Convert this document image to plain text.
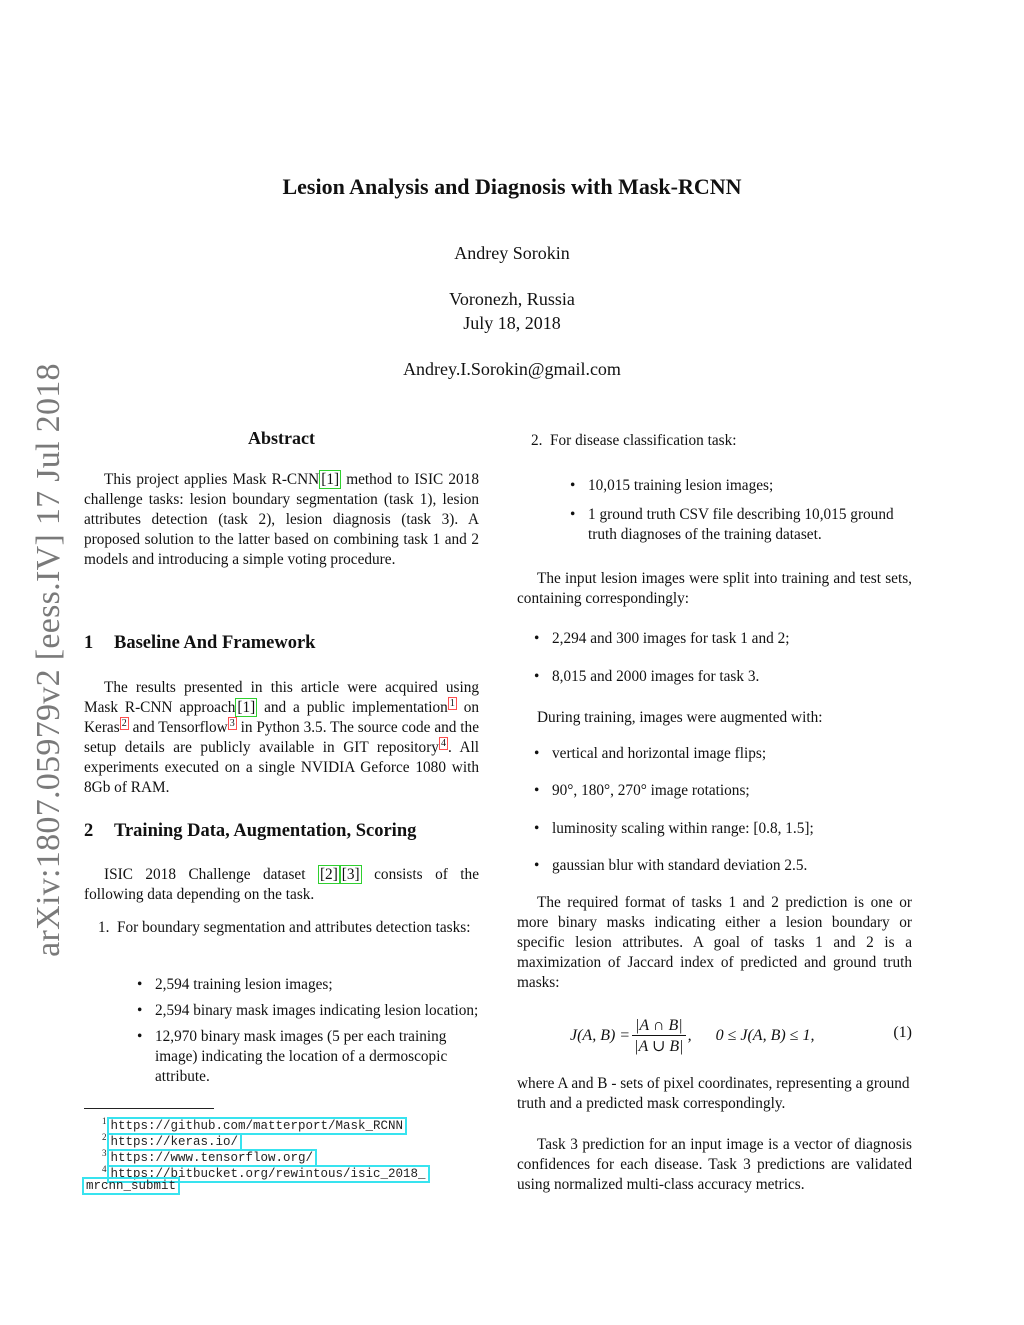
arXiv:1807.05979v2 [eess.IV] 17 Jul 2018
Lesion Analysis and Diagnosis with Mask-RCNN
Andrey Sorokin
Voronezh, Russia
July 18, 2018
Andrey.I.Sorokin@gmail.com
Abstract

This project applies Mask R-CNN [1] method to ISIC 2018 challenge tasks: lesion boundary segmentation (task 1), lesion attributes detection (task 2), lesion diagnosis (task 3). A proposed solution to the latter based on combining task 1 and 2 models and introducing a simple voting procedure.

1 Baseline And Framework

The results presented in this article were acquired using Mask R-CNN approach [1] and a public implementation $^1$ on Keras $^2$ and Tensorflow $^3$ in Python 3.5. The source code and the setup details are publicly available in GIT repository $^4$ . All experiments executed on a single NVIDIA Geforce 1080 with 8Gb of RAM.

2 Training Data, Augmentation, Scoring

ISIC 2018 Challenge dataset [2] [3] consists of the following data depending on the task.

1. For boundary segmentation and attributes detection tasks:
• 2,594 training lesion images;
• 2,594 binary mask images indicating lesion location;
• 12,970 binary mask images (5 per each training image) indicating the location of a dermoscopic attribute.
$^1$ https://github.com/matterport/Mask_RCNN
$^2$ https://keras.io/
$^3$ https://www.tensorflow.org/
$^4$ https://bitbucket.org/rewintous/isic_2018_
mrcnn_submit
2. For disease classification task:
• 10,015 training lesion images;
• 1 ground truth CSV file describing 10,015 ground truth diagnoses of the training dataset.

The input lesion images were split into training and test sets, containing correspondingly:

• 2,294 and 300 images for task 1 and 2;
• 8,015 and 2000 images for task 3.

During training, images were augmented with:

• vertical and horizontal image flips;
• 90°, 180°, 270° image rotations;
• luminosity scaling within range: [0.8, 1.5];
• gaussian blur with standard deviation 2.5.

The required format of tasks 1 and 2 prediction is one or more binary masks indicating either a lesion boundary or specific lesion attributes. A goal of tasks 1 and 2 is a maximization of Jaccard index of predicted and ground truth masks:

J(A, $B) = \frac{|A \cap B|}{|A \cup B|}$ ,      0 ≤ J(A, B) ≤ 1,	(1)

where A and B - sets of pixel coordinates, representing a ground truth and a predicted mask correspondingly.

Task 3 prediction for an input image is a vector of diagnosis confidences for each disease. Task 3 predictions are validated using normalized multi-class accuracy metrics.
